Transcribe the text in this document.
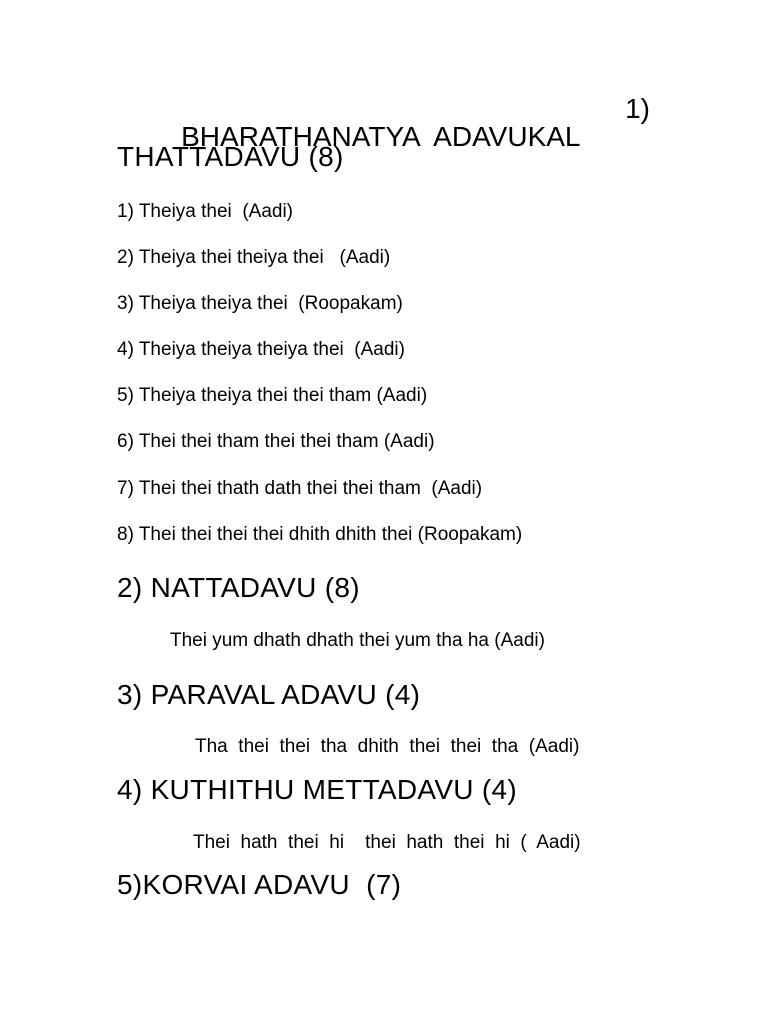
BHARATHANATYA  ADAVUKAL

1)

THATTADAVU (8)
1) Theiya thei  (Aadi)
2) Theiya thei theiya thei   (Aadi)
3) Theiya theiya thei  (Roopakam)
4) Theiya theiya theiya thei  (Aadi)
5) Theiya theiya thei thei tham (Aadi)
6) Thei thei tham thei thei tham (Aadi)
7) Thei thei thath dath thei thei tham  (Aadi)
8) Thei thei thei thei dhith dhith thei (Roopakam)
2) NATTADAVU (8)
Thei yum dhath dhath thei yum tha ha (Aadi)
3) PARAVAL ADAVU (4)
Tha  thei  thei  tha  dhith  thei  thei  tha  (Aadi)
4) KUTHITHU METTADAVU (4)
Thei  hath  thei  hi    thei  hath  thei  hi  (  Aadi)
5)KORVAI ADAVU  (7)
